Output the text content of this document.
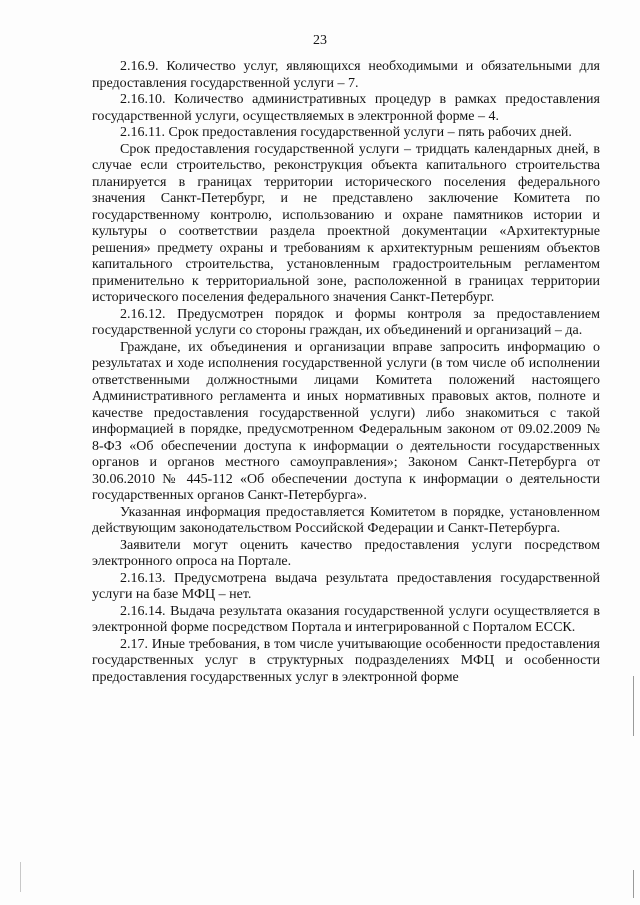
23

2.16.9. Количество услуг, являющихся необходимыми и обязательными для предоставления государственной услуги – 7.

2.16.10. Количество административных процедур в рамках предоставления государственной услуги, осуществляемых в электронной форме – 4.

2.16.11. Срок предоставления государственной услуги – пять рабочих дней.

Срок предоставления государственной услуги – тридцать календарных дней, в случае если строительство, реконструкция объекта капитального строительства планируется в границах территории исторического поселения федерального значения Санкт-Петербург, и не представлено заключение Комитета по государственному контролю, использованию и охране памятников истории и культуры о соответствии раздела проектной документации «Архитектурные решения» предмету охраны и требованиям к архитектурным решениям объектов капитального строительства, установленным градостроительным регламентом применительно к территориальной зоне, расположенной в границах территории исторического поселения федерального значения Санкт-Петербург.

2.16.12. Предусмотрен порядок и формы контроля за предоставлением государственной услуги со стороны граждан, их объединений и организаций – да.

Граждане, их объединения и организации вправе запросить информацию о результатах и ходе исполнения государственной услуги (в том числе об исполнении ответственными должностными лицами Комитета положений настоящего Административного регламента и иных нормативных правовых актов, полноте и качестве предоставления государственной услуги) либо знакомиться с такой информацией в порядке, предусмотренном Федеральным законом от 09.02.2009 № 8-ФЗ «Об обеспечении доступа к информации о деятельности государственных органов и органов местного самоуправления»; Законом Санкт-Петербурга от 30.06.2010 № 445-112 «Об обеспечении доступа к информации о деятельности государственных органов Санкт-Петербурга».

Указанная информация предоставляется Комитетом в порядке, установленном действующим законодательством Российской Федерации и Санкт-Петербурга.

Заявители могут оценить качество предоставления услуги посредством электронного опроса на Портале.

2.16.13. Предусмотрена выдача результата предоставления государственной услуги на базе МФЦ – нет.

2.16.14. Выдача результата оказания государственной услуги осуществляется в электронной форме посредством Портала и интегрированной с Порталом ЕССК.

2.17. Иные требования, в том числе учитывающие особенности предоставления государственных услуг в структурных подразделениях МФЦ и особенности предоставления государственных услуг в электронной форме
